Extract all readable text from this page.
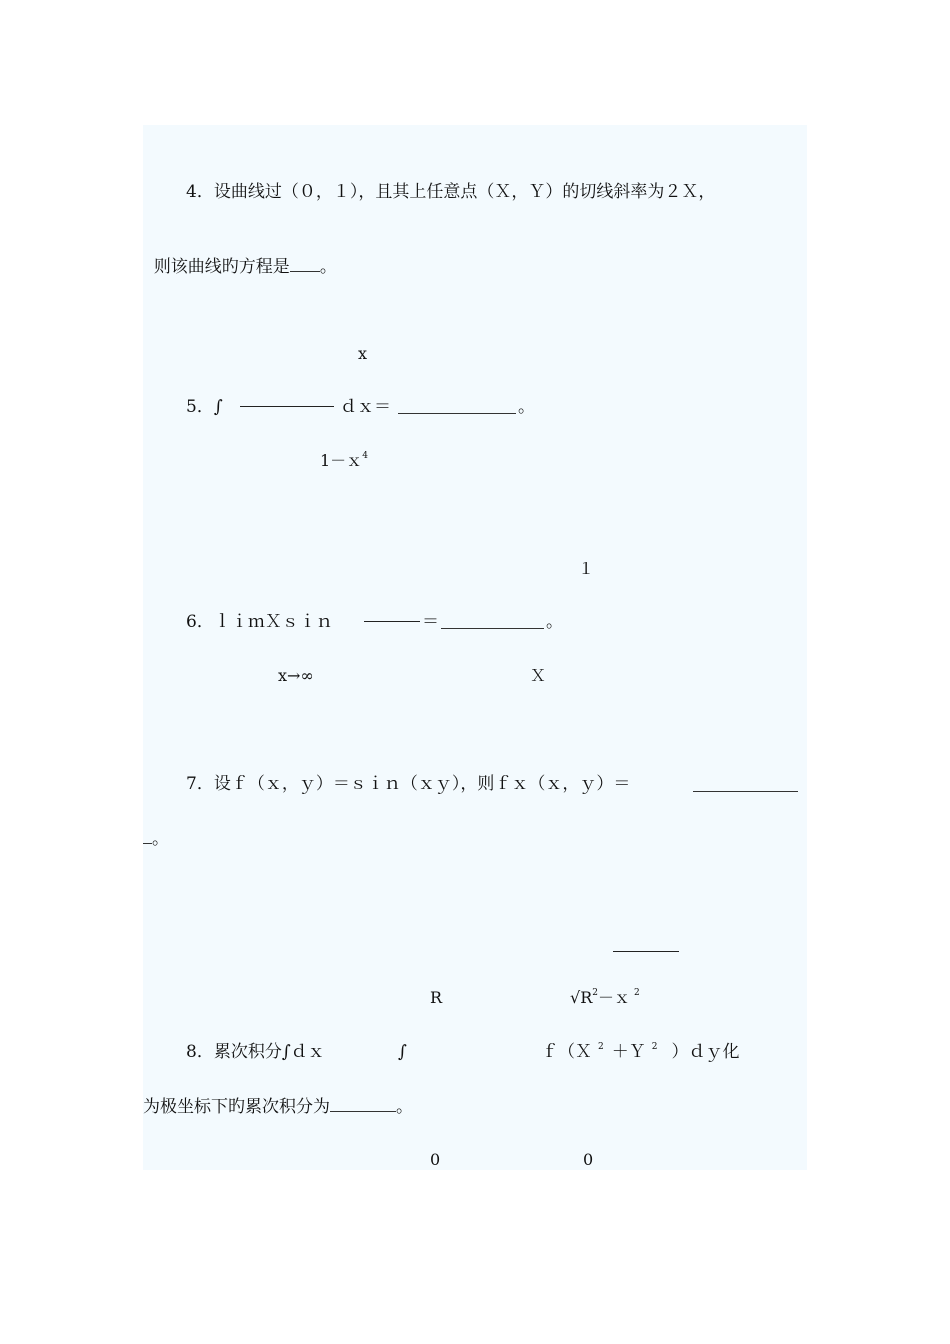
4．设曲线过（０，１），且其上任意点（Ｘ，Ｙ）的切线斜率为２Ｘ，

则该曲线旳方程是 。

x
5．∫	ｄｘ＝	。
1－ｘ$^4$
１
6．ｌｉｍＸｓｉｎ	＝	。
x→∞	Ｘ
7．设ｆ（ｘ，ｙ）＝ｓｉｎ（ｘｙ），则ｆｘ（ｘ，ｙ）＝
。
R	$√R^2-x$ $^2$
8．累次积分∫ｄｘ	∫	ｆ（Ｘ $^2$ ＋Ｙ $^2$ ）ｄｙ化
为极坐标下旳累次积分为	。
0	0
